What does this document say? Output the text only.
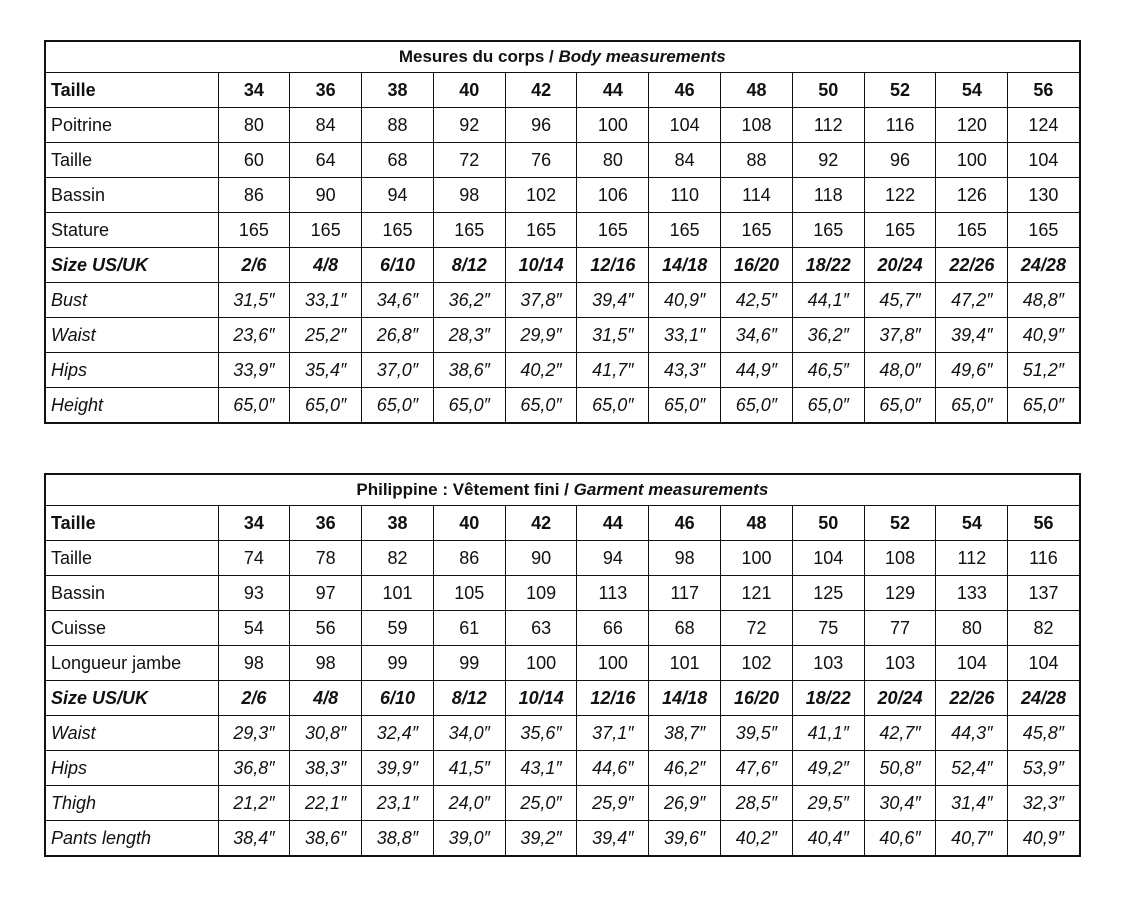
Mesures du corps / Body measurements												
Taille	34	36	38	40	42	44	46	48	50	52	54	56
Poitrine	80	84	88	92	96	100	104	108	112	116	120	124
Taille	60	64	68	72	76	80	84	88	92	96	100	104
Bassin	86	90	94	98	102	106	110	114	118	122	126	130
Stature	165	165	165	165	165	165	165	165	165	165	165	165
Size US/UK	2/6	4/8	6/10	8/12	10/14	12/16	14/18	16/20	18/22	20/24	22/26	24/28
Bust	31,5″	33,1″	34,6″	36,2″	37,8″	39,4″	40,9″	42,5″	44,1″	45,7″	47,2″	48,8″
Waist	23,6″	25,2″	26,8″	28,3″	29,9″	31,5″	33,1″	34,6″	36,2″	37,8″	39,4″	40,9″
Hips	33,9″	35,4″	37,0″	38,6″	40,2″	41,7″	43,3″	44,9″	46,5″	48,0″	49,6″	51,2″
Height	65,0″	65,0″	65,0″	65,0″	65,0″	65,0″	65,0″	65,0″	65,0″	65,0″	65,0″	65,0″
Philippine : Vêtement fini / Garment measurements												
Taille	34	36	38	40	42	44	46	48	50	52	54	56
Taille	74	78	82	86	90	94	98	100	104	108	112	116
Bassin	93	97	101	105	109	113	117	121	125	129	133	137
Cuisse	54	56	59	61	63	66	68	72	75	77	80	82
Longueur jambe	98	98	99	99	100	100	101	102	103	103	104	104
Size US/UK	2/6	4/8	6/10	8/12	10/14	12/16	14/18	16/20	18/22	20/24	22/26	24/28
Waist	29,3″	30,8″	32,4″	34,0″	35,6″	37,1″	38,7″	39,5″	41,1″	42,7″	44,3″	45,8″
Hips	36,8″	38,3″	39,9″	41,5″	43,1″	44,6″	46,2″	47,6″	49,2″	50,8″	52,4″	53,9″
Thigh	21,2″	22,1″	23,1″	24,0″	25,0″	25,9″	26,9″	28,5″	29,5″	30,4″	31,4″	32,3″
Pants length	38,4″	38,6″	38,8″	39,0″	39,2″	39,4″	39,6″	40,2″	40,4″	40,6″	40,7″	40,9″
